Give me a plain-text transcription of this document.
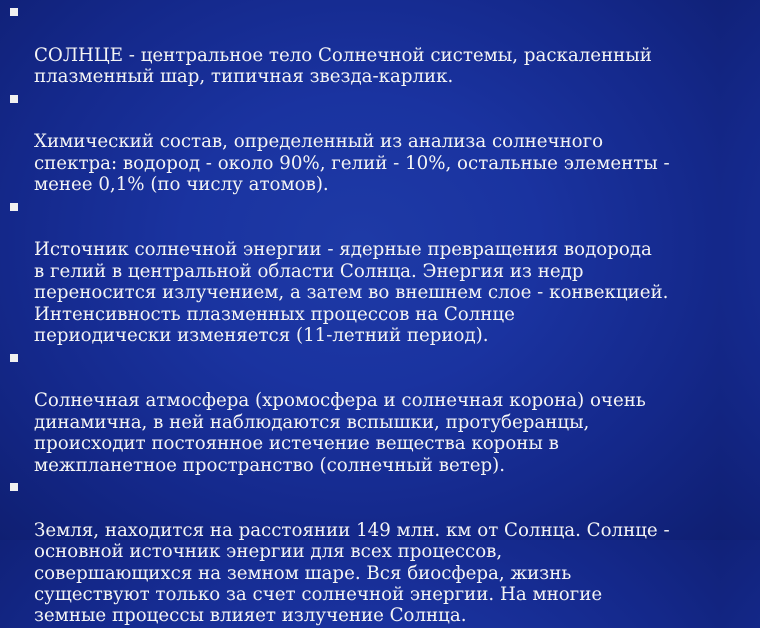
СОЛНЦЕ - центральное тело Солнечной системы, раскаленный
плазменный шар, типичная звезда-карлик.

Химический состав, определенный из анализа солнечного
спектра: водород - около 90%, гелий - 10%, остальные элементы -
менее 0,1% (по числу атомов).

Источник солнечной энергии - ядерные превращения водорода
в гелий в центральной области Солнца. Энергия из недр
переносится излучением, а затем во внешнем слое - конвекцией.
Интенсивность плазменных процессов на Солнце
периодически изменяется (11-летний период).

Солнечная атмосфера (хромосфера и солнечная корона) очень
динамична, в ней наблюдаются вспышки, протуберанцы,
происходит постоянное истечение вещества короны в
межпланетное пространство (солнечный ветер).

Земля, находится на расстоянии 149 млн. км от Солнца. Солнце -
основной источник энергии для всех процессов,
совершающихся на земном шаре. Вся биосфера, жизнь
существуют только за счет солнечной энергии. На многие
земные процессы влияет излучение Солнца.
